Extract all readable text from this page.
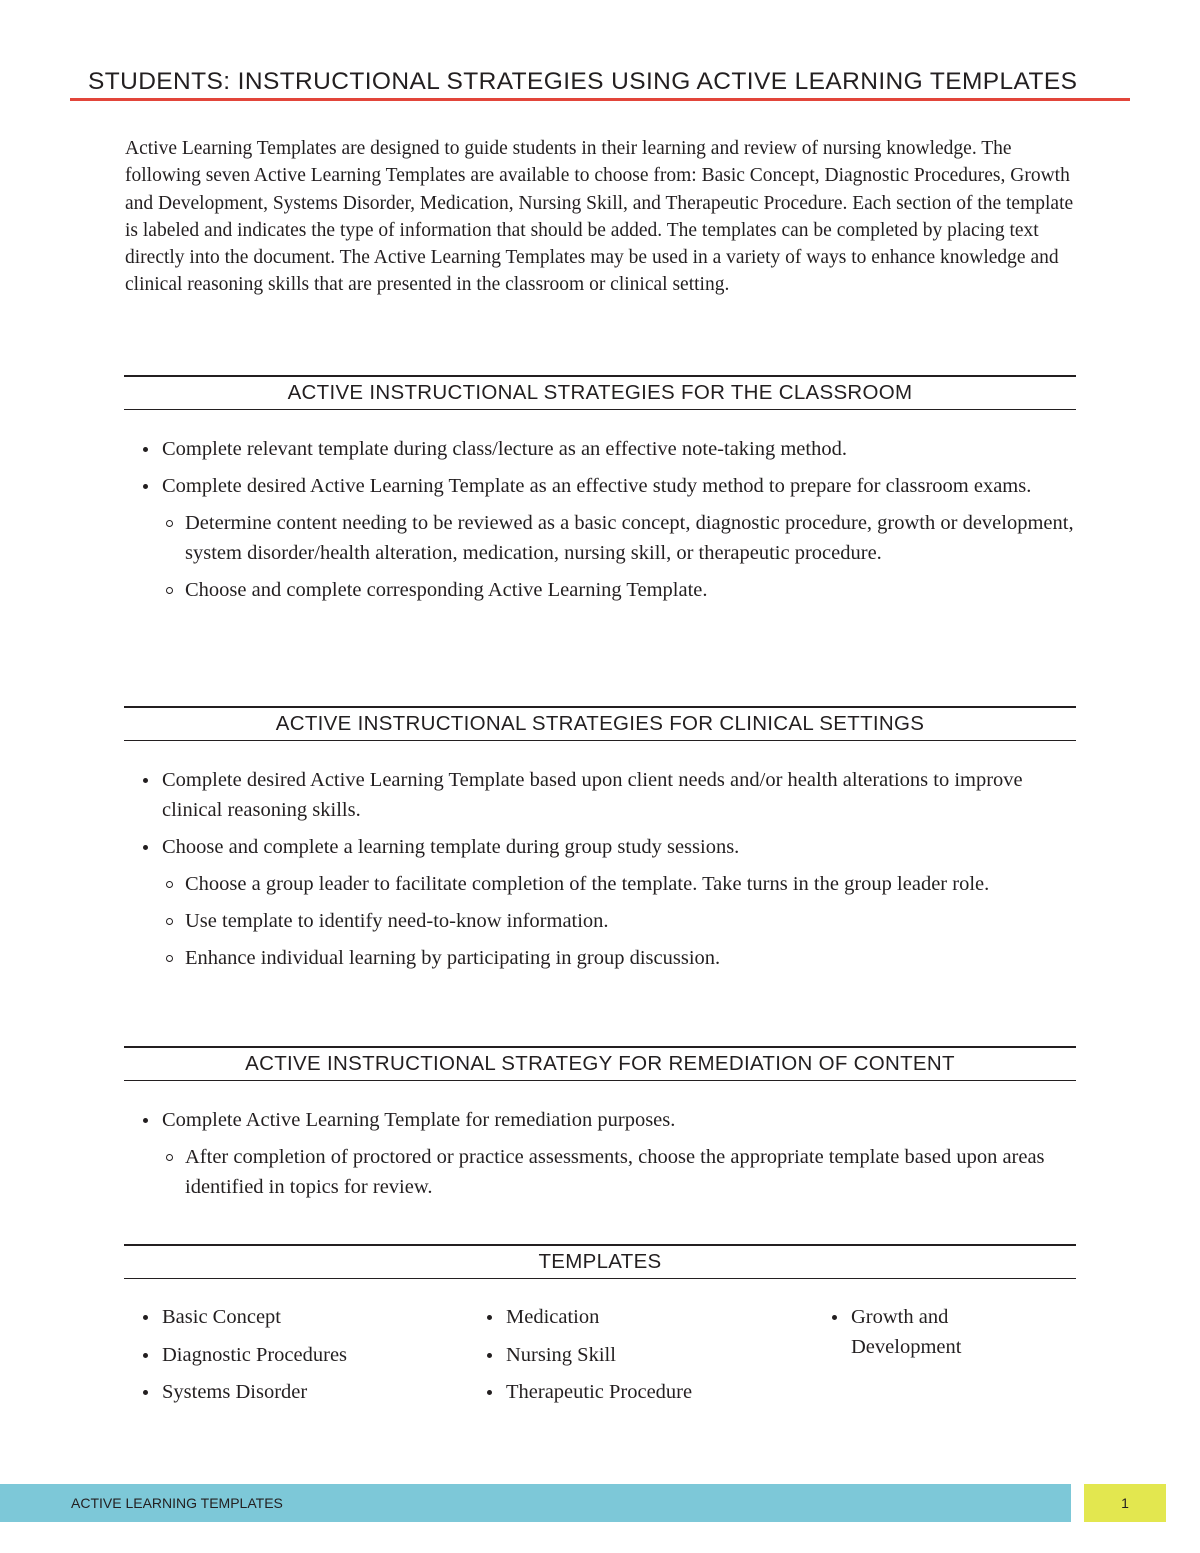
STUDENTS: INSTRUCTIONAL STRATEGIES USING ACTIVE LEARNING TEMPLATES

Active Learning Templates are designed to guide students in their learning and review of nursing knowledge. The following seven Active Learning Templates are available to choose from: Basic Concept, Diagnostic Procedures, Growth and Development, Systems Disorder, Medication, Nursing Skill, and Therapeutic Procedure. Each section of the template is labeled and indicates the type of information that should be added. The templates can be completed by placing text directly into the document. The Active Learning Templates may be used in a variety of ways to enhance knowledge and clinical reasoning skills that are presented in the classroom or clinical setting.

ACTIVE INSTRUCTIONAL STRATEGIES FOR THE CLASSROOM
Complete relevant template during class/lecture as an effective note-taking method.
Complete desired Active Learning Template as an effective study method to prepare for classroom exams.
Determine content needing to be reviewed as a basic concept, diagnostic procedure, growth or development, system disorder/health alteration, medication, nursing skill, or therapeutic procedure.
Choose and complete corresponding Active Learning Template.
ACTIVE INSTRUCTIONAL STRATEGIES FOR CLINICAL SETTINGS
Complete desired Active Learning Template based upon client needs and/or health alterations to improve clinical reasoning skills.
Choose and complete a learning template during group study sessions.
Choose a group leader to facilitate completion of the template. Take turns in the group leader role.
Use template to identify need-to-know information.
Enhance individual learning by participating in group discussion.
ACTIVE INSTRUCTIONAL STRATEGY FOR REMEDIATION OF CONTENT
Complete Active Learning Template for remediation purposes.
After completion of proctored or practice assessments, choose the appropriate template based upon areas identified in topics for review.
TEMPLATES
Basic Concept
Diagnostic Procedures
Systems Disorder
Medication
Nursing Skill
Therapeutic Procedure
Growth and Development
ACTIVE LEARNING TEMPLATES	1
